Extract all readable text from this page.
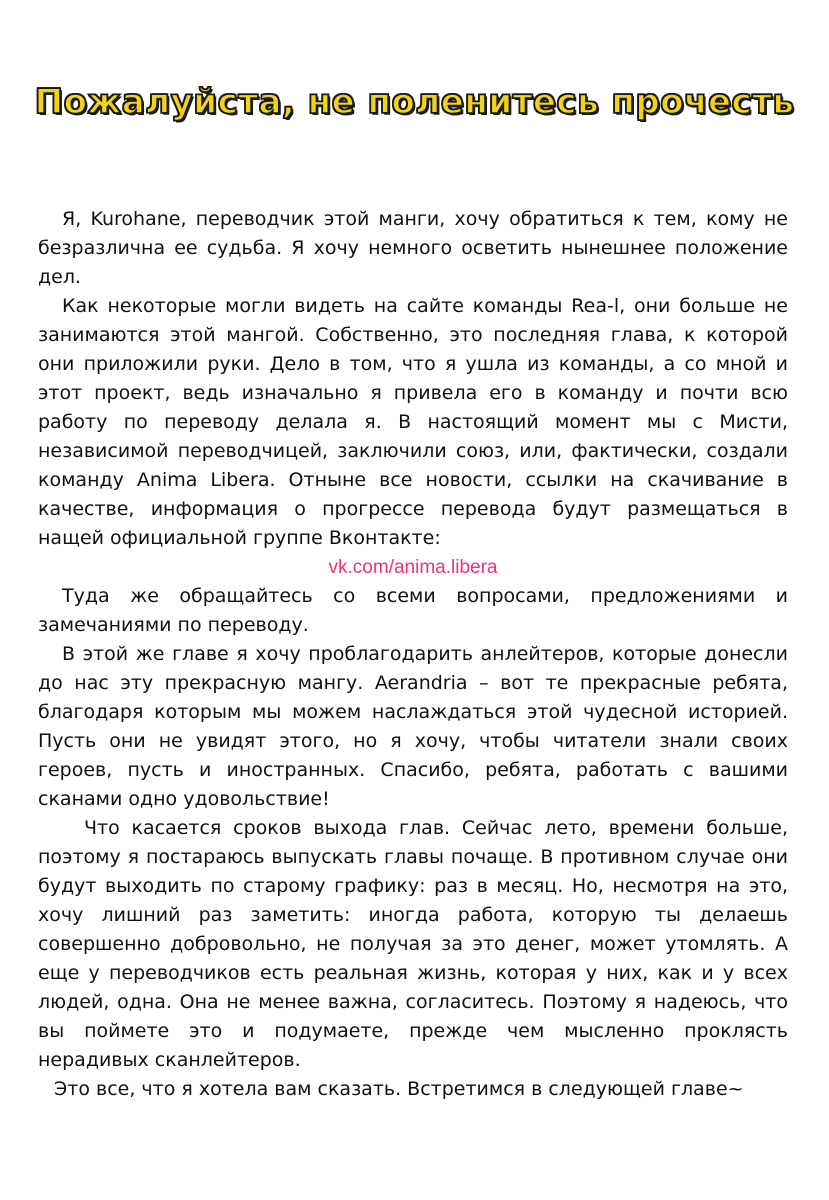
Пожалуйста, не поленитесь прочесть

Я, Kurohane, переводчик этой манги, хочу обратиться к тем, кому не безразлична ее судьба. Я хочу немного осветить нынешнее положение дел.

Как некоторые могли видеть на сайте команды Rea-l, они больше не занимаются этой мангой. Собственно, это последняя глава, к которой они приложили руки. Дело в том, что я ушла из команды, а со мной и этот проект, ведь изначально я привела его в команду и почти всю работу по переводу делала я. В настоящий момент мы с Мисти, независимой переводчицей, заключили союз, или, фактически, создали команду Anima Libera. Отныне все новости, ссылки на скачивание в качестве, информация о прогрессе перевода будут размещаться в нащей официальной группе Вконтакте:

vk.com/anima.libera

Туда же обращайтесь со всеми вопросами, предложениями и замечаниями по переводу.

В этой же главе я хочу проблагодарить анлейтеров, которые донесли до нас эту прекрасную мангу. Aerandria – вот те прекрасные ребята, благодаря которым мы можем наслаждаться этой чудесной историей. Пусть они не увидят этого, но я хочу, чтобы читатели знали своих героев, пусть и иностранных. Спасибо, ребята, работать с вашими сканами одно удовольствие!

Что касается сроков выхода глав. Сейчас лето, времени больше, поэтому я постараюсь выпускать главы почаще. В противном случае они будут выходить по старому графику: раз в месяц. Но, несмотря на это, хочу лишний раз заметить: иногда работа, которую ты делаешь совершенно добровольно, не получая за это денег, может утомлять. А еще у переводчиков есть реальная жизнь, которая у них, как и у всех людей, одна. Она не менее важна, согласитесь. Поэтому я надеюсь, что вы поймете это и подумаете, прежде чем мысленно проклясть нерадивых сканлейтеров.

Это все, что я хотела вам сказать. Встретимся в следующей главе~
